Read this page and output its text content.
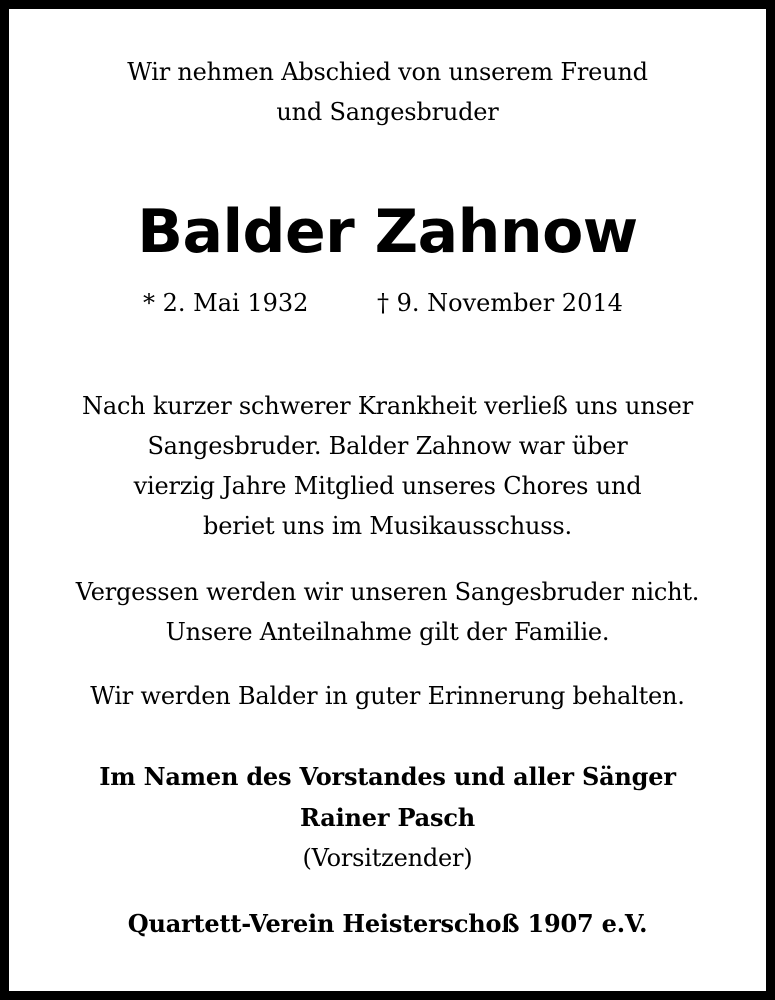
Wir nehmen Abschied von unserem Freund
und Sangesbruder
Balder Zahnow
* 2. Mai 1932	† 9. November 2014
Nach kurzer schwerer Krankheit verließ uns unser
Sangesbruder. Balder Zahnow war über
vierzig Jahre Mitglied unseres Chores und
beriet uns im Musikausschuss.
Vergessen werden wir unseren Sangesbruder nicht.
Unsere Anteilnahme gilt der Familie.
Wir werden Balder in guter Erinnerung behalten.
Im Namen des Vorstandes und aller Sänger
Rainer Pasch
(Vorsitzender)
Quartett-Verein Heisterschoß 1907 e.V.
